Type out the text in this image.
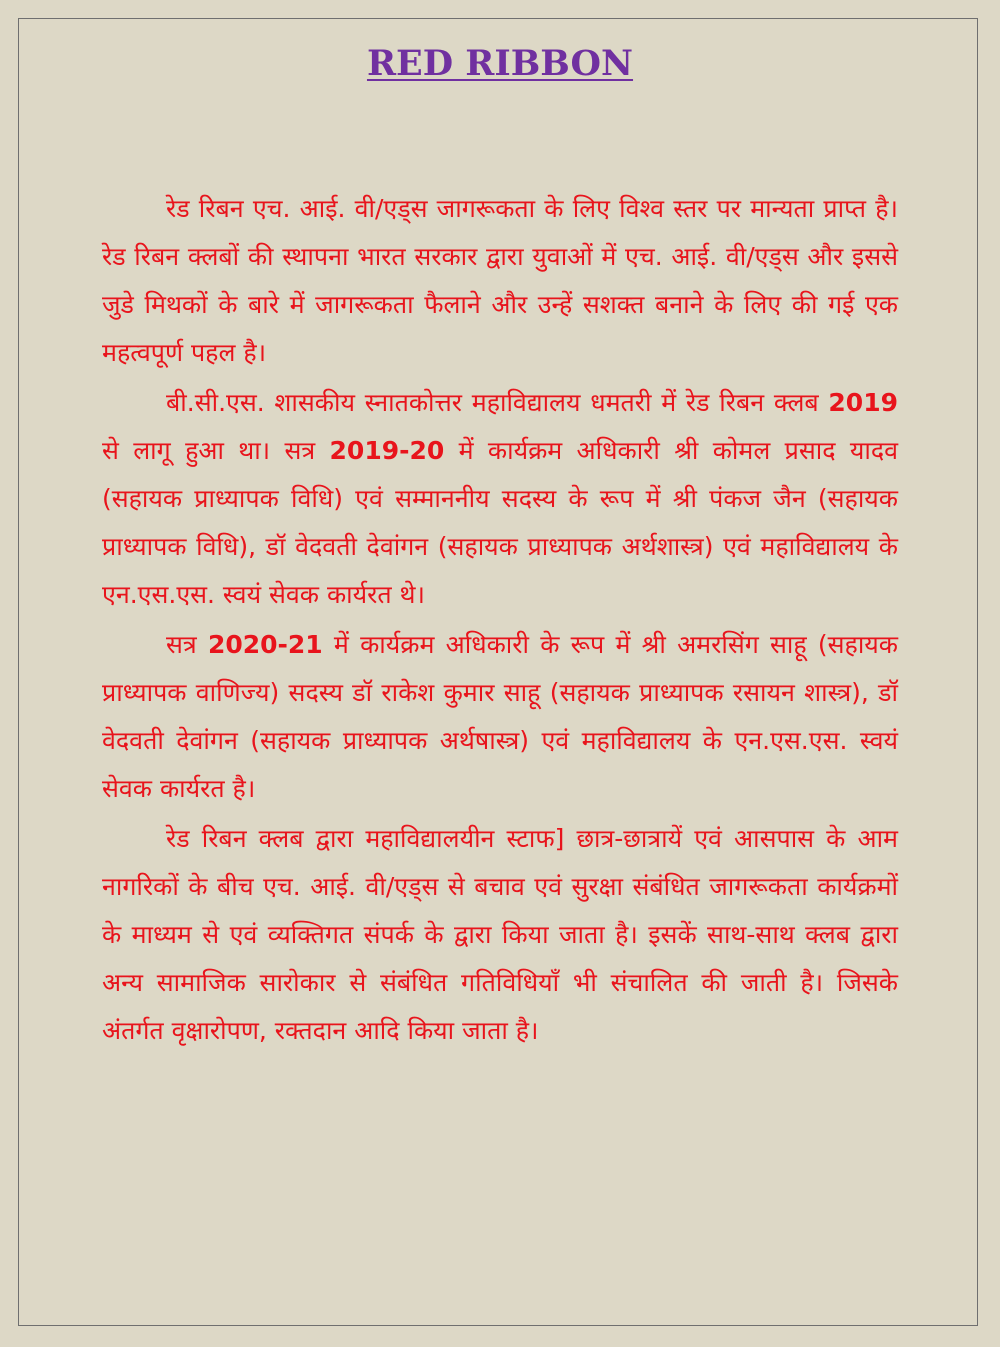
RED RIBBON

रेड रिबन एच. आई. वी/एड्स जागरूकता के लिए विश्व स्तर पर मान्यता प्राप्त है। रेड रिबन क्लबों की स्थापना भारत सरकार द्वारा युवाओं में एच. आई. वी/एड्स और इससे जुडे मिथकों के बारे में जागरूकता फैलाने और उन्हें सशक्त बनाने के लिए की गई एक महत्वपूर्ण पहल है।

बी.सी.एस. शासकीय स्नातकोत्तर महाविद्यालय धमतरी में रेड रिबन क्लब 2019 से लागू हुआ था। सत्र 2019-20 में कार्यक्रम अधिकारी श्री कोमल प्रसाद यादव (सहायक प्राध्यापक विधि) एवं सम्माननीय सदस्य के रूप में श्री पंकज जैन (सहायक प्राध्यापक विधि), डॉ वेदवती देवांगन (सहायक प्राध्यापक अर्थशास्त्र) एवं महाविद्यालय के एन.एस.एस. स्वयं सेवक कार्यरत थे।

सत्र 2020-21 में कार्यक्रम अधिकारी के रूप में श्री अमरसिंग साहू (सहायक प्राध्यापक वाणिज्य) सदस्य डॉ राकेश कुमार साहू (सहायक प्राध्यापक रसायन शास्त्र), डॉ वेदवती देवांगन (सहायक प्राध्यापक अर्थषास्त्र) एवं महाविद्यालय के एन.एस.एस. स्वयं सेवक कार्यरत है।

रेड रिबन क्लब द्वारा महाविद्यालयीन स्टाफ] छात्र-छात्रायें एवं आसपास के आम नागरिकों के बीच एच. आई. वी/एड्स से बचाव एवं सुरक्षा संबंधित जागरूकता कार्यक्रमों के माध्यम से एवं व्यक्तिगत संपर्क के द्वारा किया जाता है। इसकें साथ-साथ क्लब द्वारा अन्य सामाजिक सारोकार से संबंधित गतिविधियाँ भी संचालित की जाती है। जिसके अंतर्गत वृक्षारोपण, रक्तदान आदि किया जाता है।
